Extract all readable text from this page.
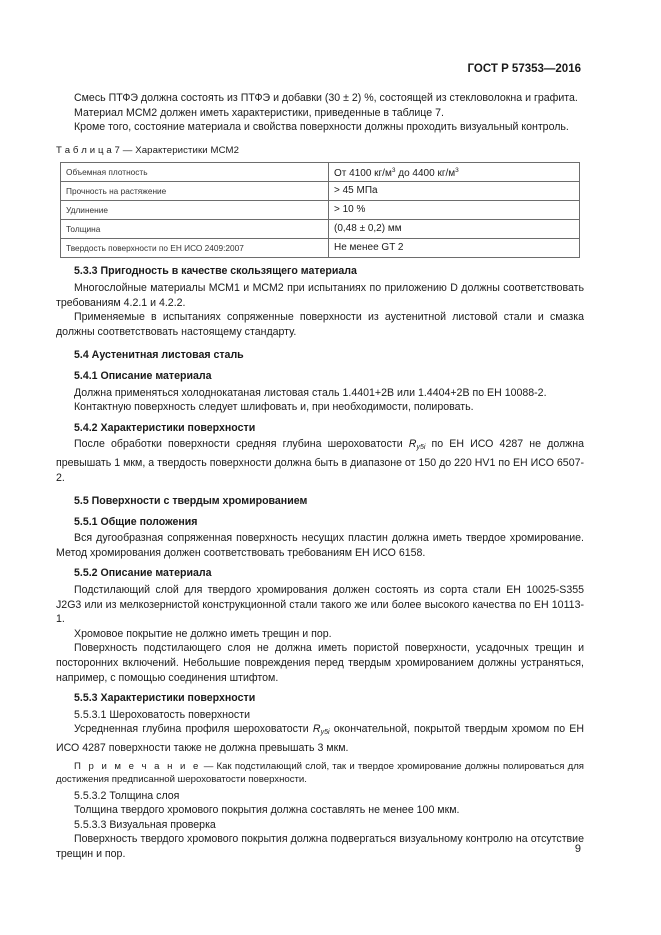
ГОСТ Р 57353—2016

Смесь ПТФЭ должна состоять из ПТФЭ и добавки (30 ± 2) %, состоящей из стекловолокна и графита.

Материал МСМ2 должен иметь характеристики, приведенные в таблице 7.

Кроме того, состояние материала и свойства поверхности должны проходить визуальный контроль.

Т а б л и ц а 7 — Характеристики МСМ2
Объемная плотность	От 4100 $кг/м^3$ до 4400 $кг/м^3$
Прочность на растяжение	> 45 МПа
Удлинение	> 10 %
Толщина	(0,48 ± 0,2) мм
Твердость поверхности по ЕН ИСО 2409:2007	Не менее GT 2

5.3.3 Пригодность в качестве скользящего материала

Многослойные материалы МСМ1 и МСМ2 при испытаниях по приложению D должны соответствовать требованиям 4.2.1 и 4.2.2.

Применяемые в испытаниях сопряженные поверхности из аустенитной листовой стали и смазка должны соответствовать настоящему стандарту.

5.4 Аустенитная листовая сталь

5.4.1 Описание материала

Должна применяться холоднокатаная листовая сталь 1.4401+2В или 1.4404+2В по ЕН 10088-2.

Контактную поверхность следует шлифовать и, при необходимости, полировать.

5.4.2 Характеристики поверхности

После обработки поверхности средняя глубина шероховатости Ry5i по ЕН ИСО 4287 не должна превышать 1 мкм, а твердость поверхности должна быть в диапазоне от 150 до 220 HV1 по ЕН ИСО 6507-2.

5.5 Поверхности с твердым хромированием

5.5.1 Общие положения

Вся дугообразная сопряженная поверхность несущих пластин должна иметь твердое хромирование. Метод хромирования должен соответствовать требованиям ЕН ИСО 6158.

5.5.2 Описание материала

Подстилающий слой для твердого хромирования должен состоять из сорта стали ЕН 10025-S355 J2G3 или из мелкозернистой конструкционной стали такого же или более высокого качества по ЕН 10113-1.

Хромовое покрытие не должно иметь трещин и пор.

Поверхность подстилающего слоя не должна иметь пористой поверхности, усадочных трещин и посторонних включений. Небольшие повреждения перед твердым хромированием должны устраняться, например, с помощью соединения штифтом.

5.5.3 Характеристики поверхности

5.5.3.1 Шероховатость поверхности

Усредненная глубина профиля шероховатости Ry5i окончательной, покрытой твердым хромом по ЕН ИСО 4287 поверхности также не должна превышать 3 мкм.

П р и м е ч а н и е — Как подстилающий слой, так и твердое хромирование должны полироваться для достижения предписанной шероховатости поверхности.

5.5.3.2 Толщина слоя

Толщина твердого хромового покрытия должна составлять не менее 100 мкм.

5.5.3.3 Визуальная проверка

Поверхность твердого хромового покрытия должна подвергаться визуальному контролю на отсутствие трещин и пор.	9
